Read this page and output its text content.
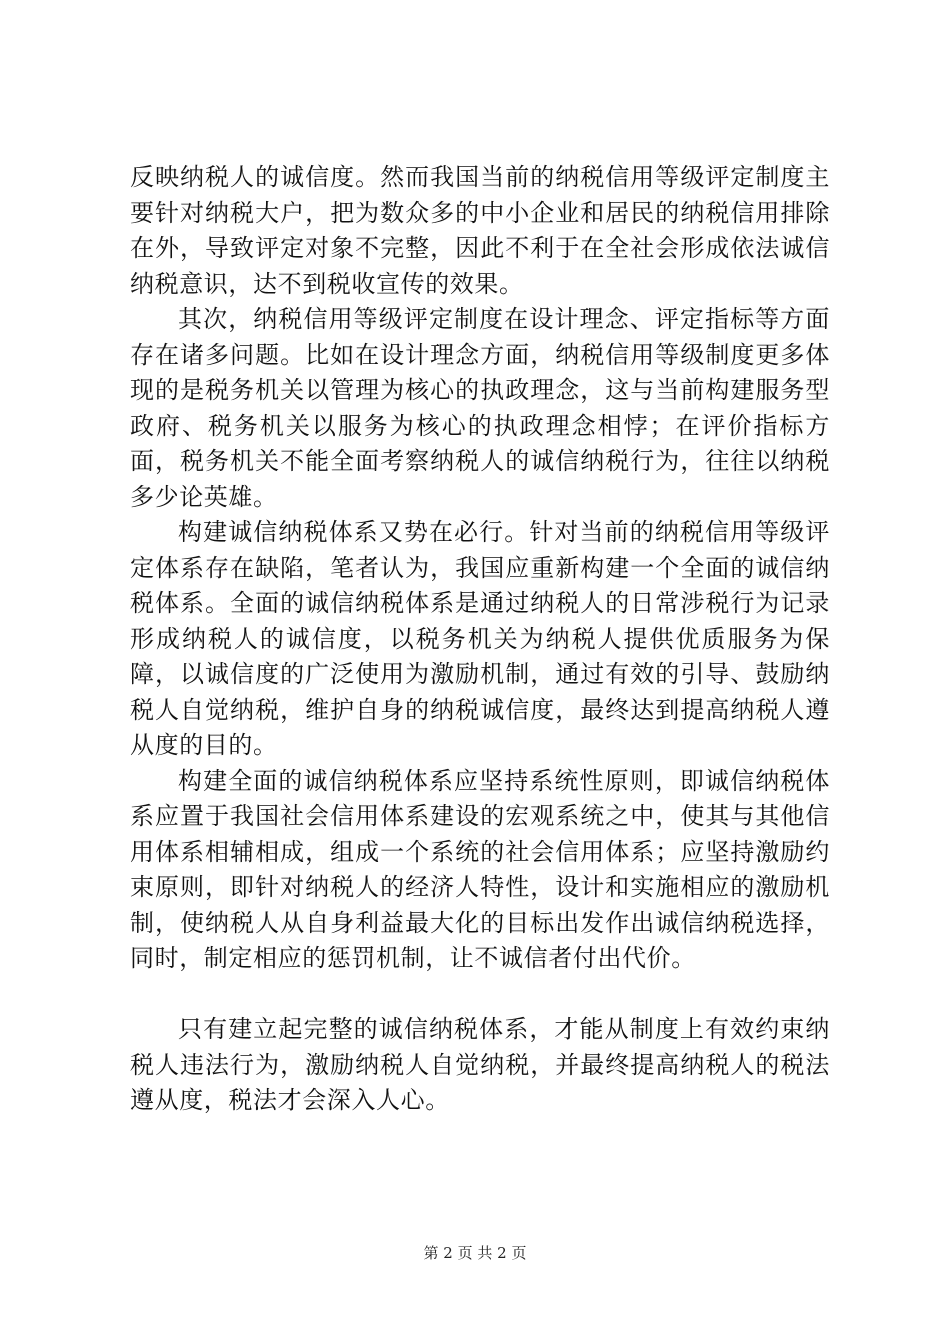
反映纳税人的诚信度。然而我国当前的纳税信用等级评定制度主要针对纳税大户，把为数众多的中小企业和居民的纳税信用排除在外，导致评定对象不完整，因此不利于在全社会形成依法诚信纳税意识，达不到税收宣传的效果。

其次，纳税信用等级评定制度在设计理念、评定指标等方面存在诸多问题。比如在设计理念方面，纳税信用等级制度更多体现的是税务机关以管理为核心的执政理念，这与当前构建服务型政府、税务机关以服务为核心的执政理念相悖；在评价指标方面，税务机关不能全面考察纳税人的诚信纳税行为，往往以纳税多少论英雄。

构建诚信纳税体系又势在必行。针对当前的纳税信用等级评定体系存在缺陷，笔者认为，我国应重新构建一个全面的诚信纳税体系。全面的诚信纳税体系是通过纳税人的日常涉税行为记录形成纳税人的诚信度，以税务机关为纳税人提供优质服务为保障，以诚信度的广泛使用为激励机制，通过有效的引导、鼓励纳税人自觉纳税，维护自身的纳税诚信度，最终达到提高纳税人遵从度的目的。

构建全面的诚信纳税体系应坚持系统性原则，即诚信纳税体系应置于我国社会信用体系建设的宏观系统之中，使其与其他信用体系相辅相成，组成一个系统的社会信用体系；应坚持激励约束原则，即针对纳税人的经济人特性，设计和实施相应的激励机制，使纳税人从自身利益最大化的目标出发作出诚信纳税选择，同时，制定相应的惩罚机制，让不诚信者付出代价。

只有建立起完整的诚信纳税体系，才能从制度上有效约束纳税人违法行为，激励纳税人自觉纳税，并最终提高纳税人的税法遵从度，税法才会深入人心。

第 2 页 共 2 页
